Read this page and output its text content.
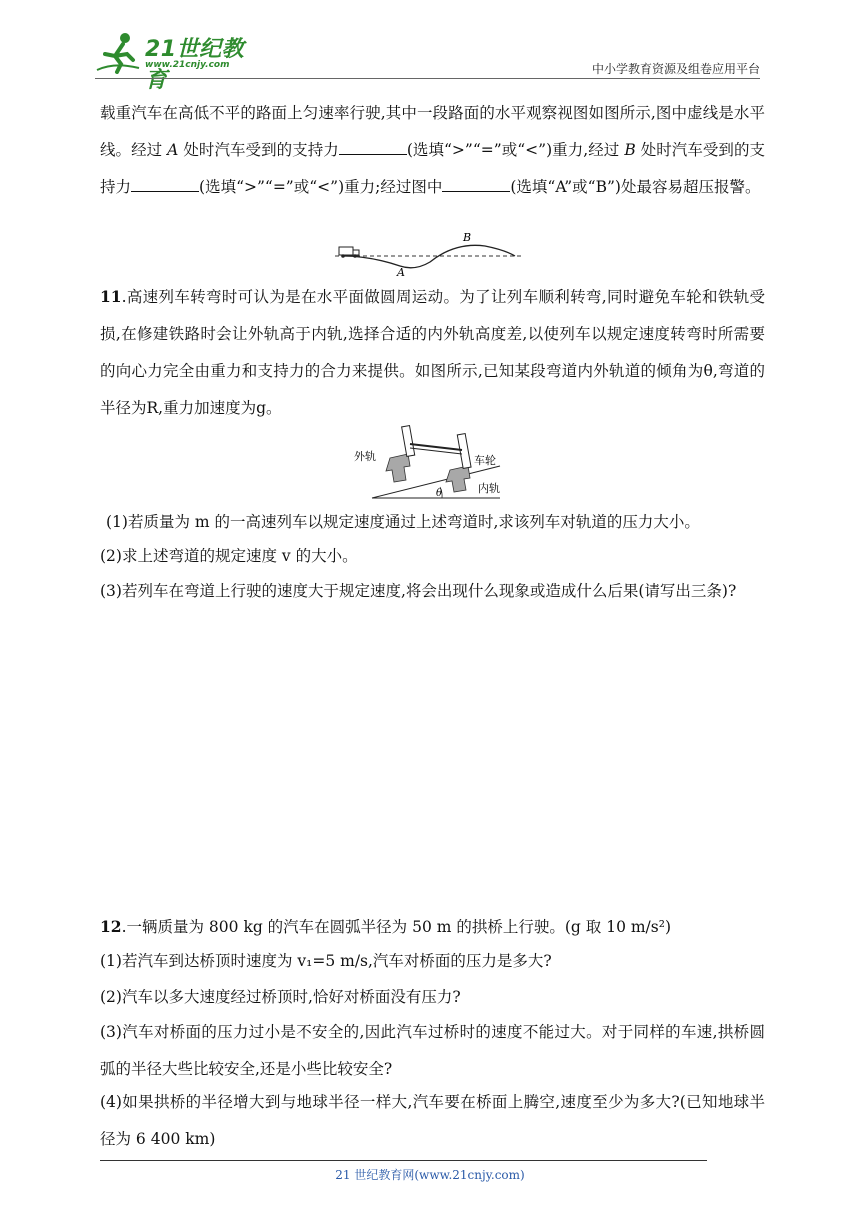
21世纪教育
www.21cnjy.com	中小学教育资源及组卷应用平台

载重汽车在高低不平的路面上匀速率行驶,其中一段路面的水平观察视图如图所示,图中虚线是水平线。经过 A 处时汽车受到的支持力	(选填“>”“=”或“<”)重力,经过 B 处时汽车受到的支持力	(选填“>”“=”或“<”)重力;经过图中	(选填“A”或“B”)处最容易超压报警。

A
B

11.高速列车转弯时可认为是在水平面做圆周运动。为了让列车顺利转弯,同时避免车轮和铁轨受损,在修建铁路时会让外轨高于内轨,选择合适的内外轨高度差,以使列车以规定速度转弯时所需要的向心力完全由重力和支持力的合力来提供。如图所示,已知某段弯道内外轨道的倾角为θ,弯道的半径为R,重力加速度为g。

θ
外轨	车轮
内轨

(1)若质量为 m 的一高速列车以规定速度通过上述弯道时,求该列车对轨道的压力大小。

(2)求上述弯道的规定速度 v 的大小。

(3)若列车在弯道上行驶的速度大于规定速度,将会出现什么现象或造成什么后果(请写出三条)?

12.一辆质量为 800 kg 的汽车在圆弧半径为 50 m 的拱桥上行驶。(g 取 10 m/s²)

(1)若汽车到达桥顶时速度为 v₁=5 m/s,汽车对桥面的压力是多大?

(2)汽车以多大速度经过桥顶时,恰好对桥面没有压力?

(3)汽车对桥面的压力过小是不安全的,因此汽车过桥时的速度不能过大。对于同样的车速,拱桥圆弧的半径大些比较安全,还是小些比较安全?

(4)如果拱桥的半径增大到与地球半径一样大,汽车要在桥面上腾空,速度至少为多大?(已知地球半径为 6 400 km)

21 世纪教育网(www.21cnjy.com)
